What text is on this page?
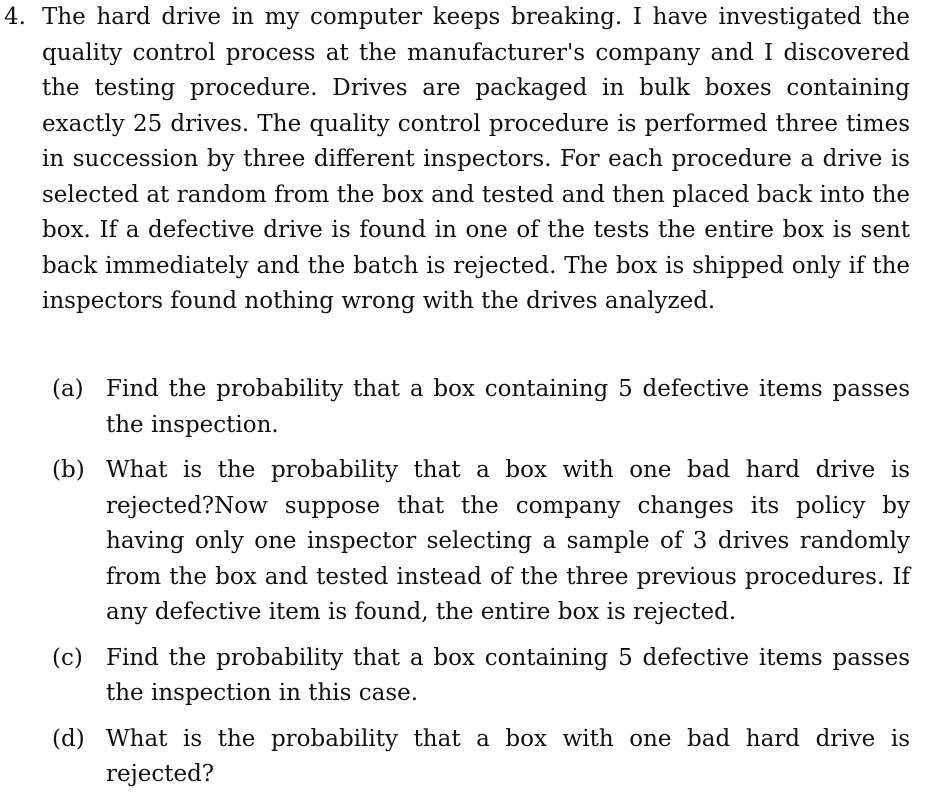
4. The hard drive in my computer keeps breaking. I have investigated the quality control process at the manufacturer's company and I discovered the testing procedure. Drives are packaged in bulk boxes containing exactly 25 drives. The quality control procedure is performed three times in succession by three different inspectors. For each procedure a drive is selected at random from the box and tested and then placed back into the box. If a defective drive is found in one of the tests the entire box is sent back immediately and the batch is rejected. The box is shipped only if the inspectors found nothing wrong with the drives analyzed.
(a) Find the probability that a box containing 5 defective items passes the inspection.
(b) What is the probability that a box with one bad hard drive is rejected?Now suppose that the company changes its policy by having only one inspector selecting a sample of 3 drives randomly from the box and tested instead of the three previous procedures. If any defective item is found, the entire box is rejected.
(c)	Find the probability that a box containing 5 defective items passes the inspection in this case.
(d) What is the probability that a box with one bad hard drive is rejected?
